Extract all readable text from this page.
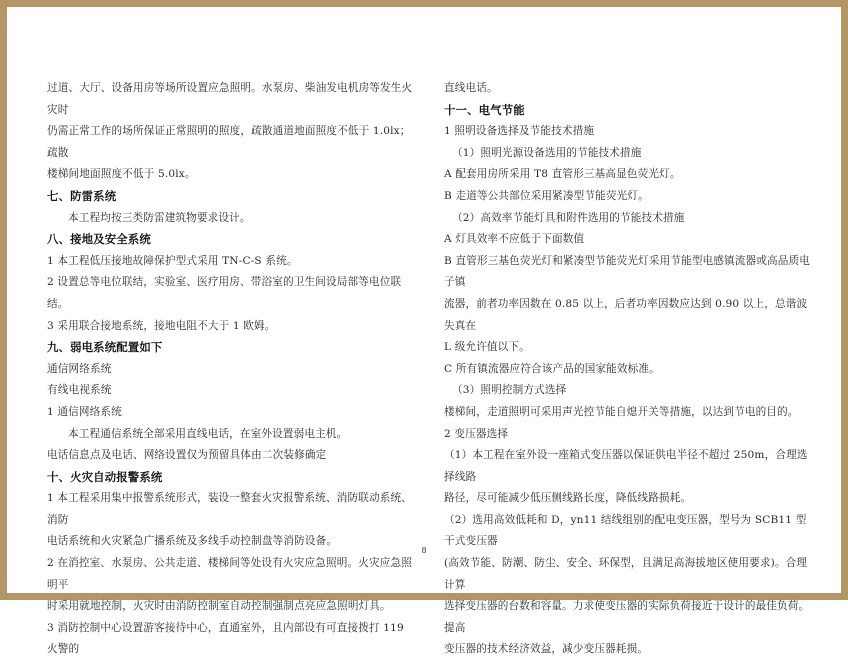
过道、大厅、设备用房等场所设置应急照明。水泵房、柴油发电机房等发生火灾时

仍需正常工作的场所保证正常照明的照度，疏散通道地面照度不低于 1.0lx；疏散

楼梯间地面照度不低于 5.0lx。

七、防雷系统

本工程均按三类防雷建筑物要求设计。

八、接地及安全系统

1 本工程低压接地故障保护型式采用 TN-C-S 系统。

2 设置总等电位联结，实验室、医疗用房、带浴室的卫生间设局部等电位联结。

3 采用联合接地系统，接地电阻不大于 1 欧姆。

九、弱电系统配置如下

通信网络系统

有线电视系统

1 通信网络系统

本工程通信系统全部采用直线电话，在室外设置弱电主机。

电话信息点及电话、网络设置仅为预留具体由二次装修确定

十、火灾自动报警系统

1 本工程采用集中报警系统形式，装设一整套火灾报警系统、消防联动系统、消防

电话系统和火灾紧急广播系统及多线手动控制盘等消防设备。

2 在消控室、水泵房、公共走道、楼梯间等处设有火灾应急照明。火灾应急照明平

时采用就地控制，火灾时由消防控制室自动控制强制点亮应急照明灯具。

3 消防控制中心设置游客接待中心，直通室外，且内部设有可直接拨打 119 火警的

直线电话。

十一、电气节能

1 照明设备选择及节能技术措施

（1）照明光源设备选用的节能技术措施

A 配套用房所采用 T8 直管形三基高显色荧光灯。

B 走道等公共部位采用紧凑型节能荧光灯。

（2）高效率节能灯具和附件选用的节能技术措施

A 灯具效率不应低于下面数值

B 直管形三基色荧光灯和紧凑型节能荧光灯采用节能型电感镇流器或高品质电子镇

流器，前者功率因数在 0.85 以上，后者功率因数应达到 0.90 以上，总谐波失真在

L 级允许值以下。

C 所有镇流器应符合该产品的国家能效标准。

（3）照明控制方式选择

楼梯间，走道照明可采用声光控节能自熄开关等措施，以达到节电的目的。

2 变压器选择

（1）本工程在室外设一座箱式变压器以保证供电半径不超过 250m，合理选择线路

路径，尽可能减少低压侧线路长度，降低线路损耗。

（2）选用高效低耗和 D，yn11 结线组别的配电变压器，型号为 SCB11 型干式变压器

(高效节能、防潮、防尘、安全、环保型，且满足高海拔地区使用要求)。合理计算

选择变压器的台数和容量。力求使变压器的实际负荷接近于设计的最佳负荷。提高

变压器的技术经济效益，减少变压器耗损。

8
